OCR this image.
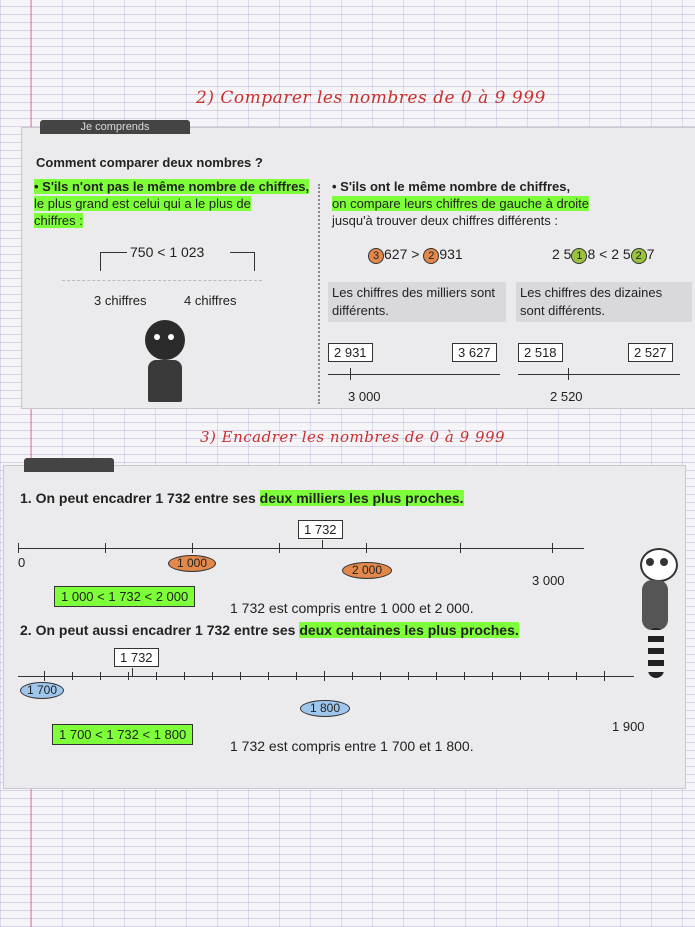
2) Comparer les nombres de 0 à 9 999
Je comprends
Comment comparer deux nombres ?
• S'ils n'ont pas le même nombre de chiffres,
le plus grand est celui qui a le plus de
chiffres :
750 < 1 023
3 chiffres	4 chiffres
• S'ils ont le même nombre de chiffres,
on compare leurs chiffres de gauche à droite
jusqu'à trouver deux chiffres différents :
3 627 > 2 931	2 5 1 8 < 2 5 2 7
Les chiffres des milliers sont différents.
Les chiffres des dizaines sont différents.
2 931	3 627
3 000
2 518	2 527
2 520
3) Encadrer les nombres de 0 à 9 999
1. On peut encadrer 1 732 entre ses deux milliers les plus proches.
1 732
0	1 000	2 000
3 000
1 000 < 1 732 < 2 000
1 732 est compris entre 1 000 et 2 000.
2. On peut aussi encadrer 1 732 entre ses deux centaines les plus proches.
1 732
1 700
1 800
1 900
1 700 < 1 732 < 1 800
1 732 est compris entre 1 700 et 1 800.
